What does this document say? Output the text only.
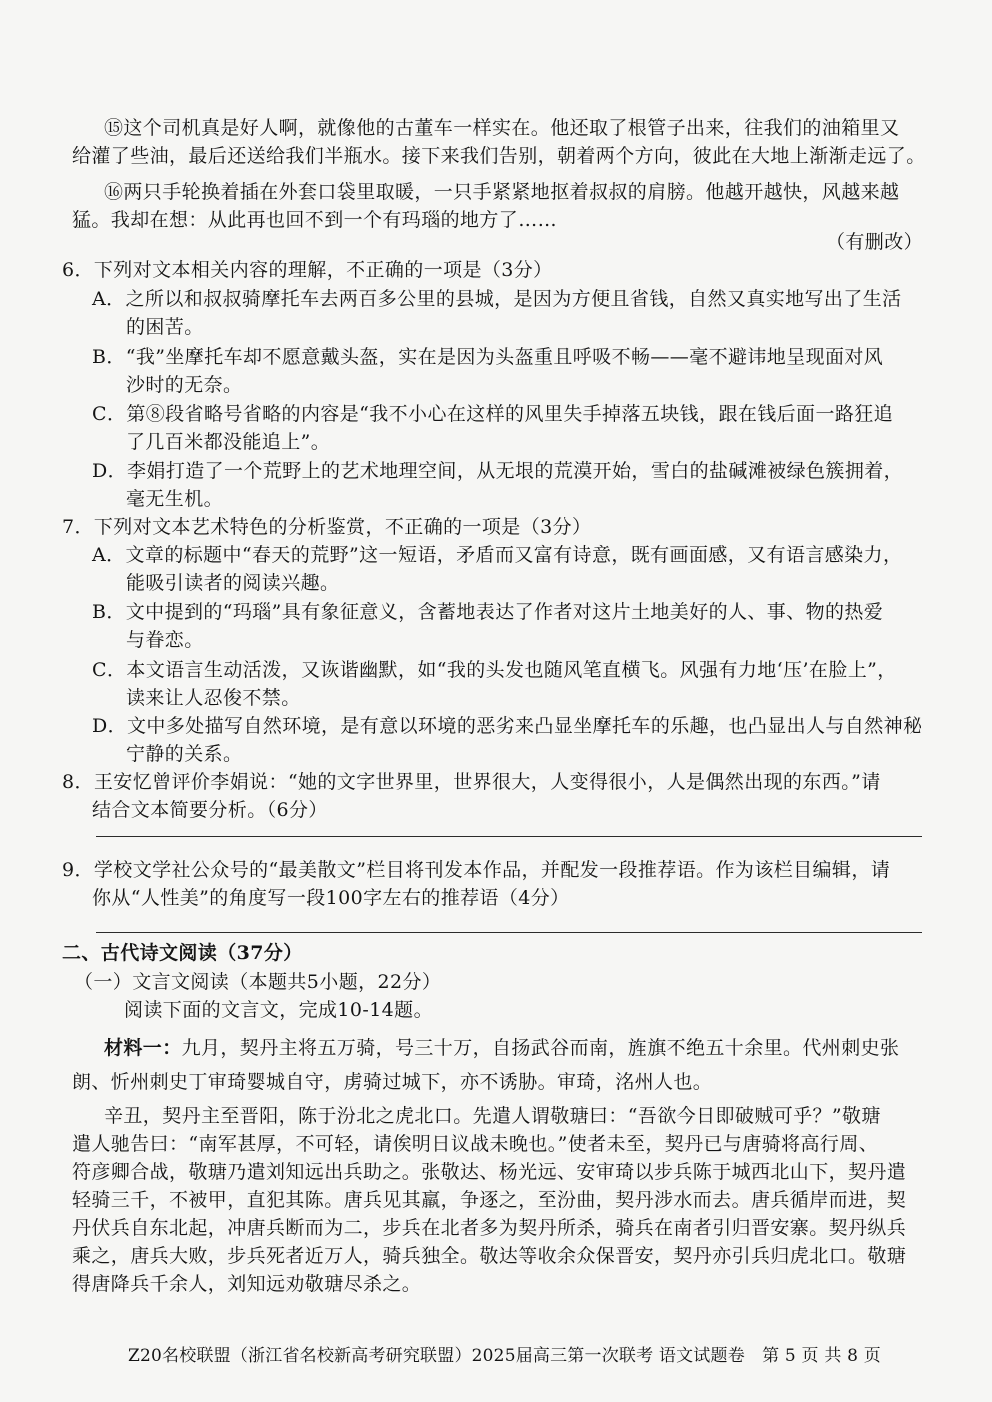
⑮这个司机真是好人啊，就像他的古董车一样实在。他还取了根管子出来，往我们的油箱里又
给灌了些油，最后还送给我们半瓶水。接下来我们告别，朝着两个方向，彼此在大地上渐渐走远了。
⑯两只手轮换着插在外套口袋里取暖，一只手紧紧地抠着叔叔的肩膀。他越开越快，风越来越
猛。我却在想：从此再也回不到一个有玛瑙的地方了……
（有删改）
6．下列对文本相关内容的理解，不正确的一项是（3分）
A．之所以和叔叔骑摩托车去两百多公里的县城，是因为方便且省钱，自然又真实地写出了生活
的困苦。
B．“我”坐摩托车却不愿意戴头盔，实在是因为头盔重且呼吸不畅——毫不避讳地呈现面对风
沙时的无奈。
C．第⑧段省略号省略的内容是“我不小心在这样的风里失手掉落五块钱，跟在钱后面一路狂追
了几百米都没能追上”。
D．李娟打造了一个荒野上的艺术地理空间，从无垠的荒漠开始，雪白的盐碱滩被绿色簇拥着，
毫无生机。
7．下列对文本艺术特色的分析鉴赏，不正确的一项是（3分）
A．文章的标题中“春天的荒野”这一短语，矛盾而又富有诗意，既有画面感，又有语言感染力，
能吸引读者的阅读兴趣。
B．文中提到的“玛瑙”具有象征意义，含蓄地表达了作者对这片土地美好的人、事、物的热爱
与眷恋。
C．本文语言生动活泼，又诙谐幽默，如“我的头发也随风笔直横飞。风强有力地‘压’在脸上”，
读来让人忍俊不禁。
D．文中多处描写自然环境，是有意以环境的恶劣来凸显坐摩托车的乐趣，也凸显出人与自然神秘
宁静的关系。
8．王安忆曾评价李娟说：“她的文字世界里，世界很大，人变得很小，人是偶然出现的东西。”请
结合文本简要分析。（6分）
9．学校文学社公众号的“最美散文”栏目将刊发本作品，并配发一段推荐语。作为该栏目编辑，请
你从“人性美”的角度写一段100字左右的推荐语（4分）
二、古代诗文阅读（37分）
（一）文言文阅读（本题共5小题，22分）
阅读下面的文言文，完成10-14题。
材料一：九月，契丹主将五万骑，号三十万，自扬武谷而南，旌旗不绝五十余里。代州刺史张
朗、忻州刺史丁审琦婴城自守，虏骑过城下，亦不诱胁。审琦，洺州人也。
辛丑，契丹主至晋阳，陈于汾北之虎北口。先遣人谓敬瑭曰：“吾欲今日即破贼可乎？”敬瑭
遣人驰告曰：“南军甚厚，不可轻，请俟明日议战未晚也。”使者未至，契丹已与唐骑将高行周、
符彦卿合战，敬瑭乃遣刘知远出兵助之。张敬达、杨光远、安审琦以步兵陈于城西北山下，契丹遣
轻骑三千，不被甲，直犯其陈。唐兵见其羸，争逐之，至汾曲，契丹涉水而去。唐兵循岸而进，契
丹伏兵自东北起，冲唐兵断而为二，步兵在北者多为契丹所杀，骑兵在南者引归晋安寨。契丹纵兵
乘之，唐兵大败，步兵死者近万人，骑兵独全。敬达等收余众保晋安，契丹亦引兵归虎北口。敬瑭
得唐降兵千余人，刘知远劝敬瑭尽杀之。
Z20名校联盟（浙江省名校新高考研究联盟）2025届高三第一次联考 语文试题卷　第 5 页 共 8 页
